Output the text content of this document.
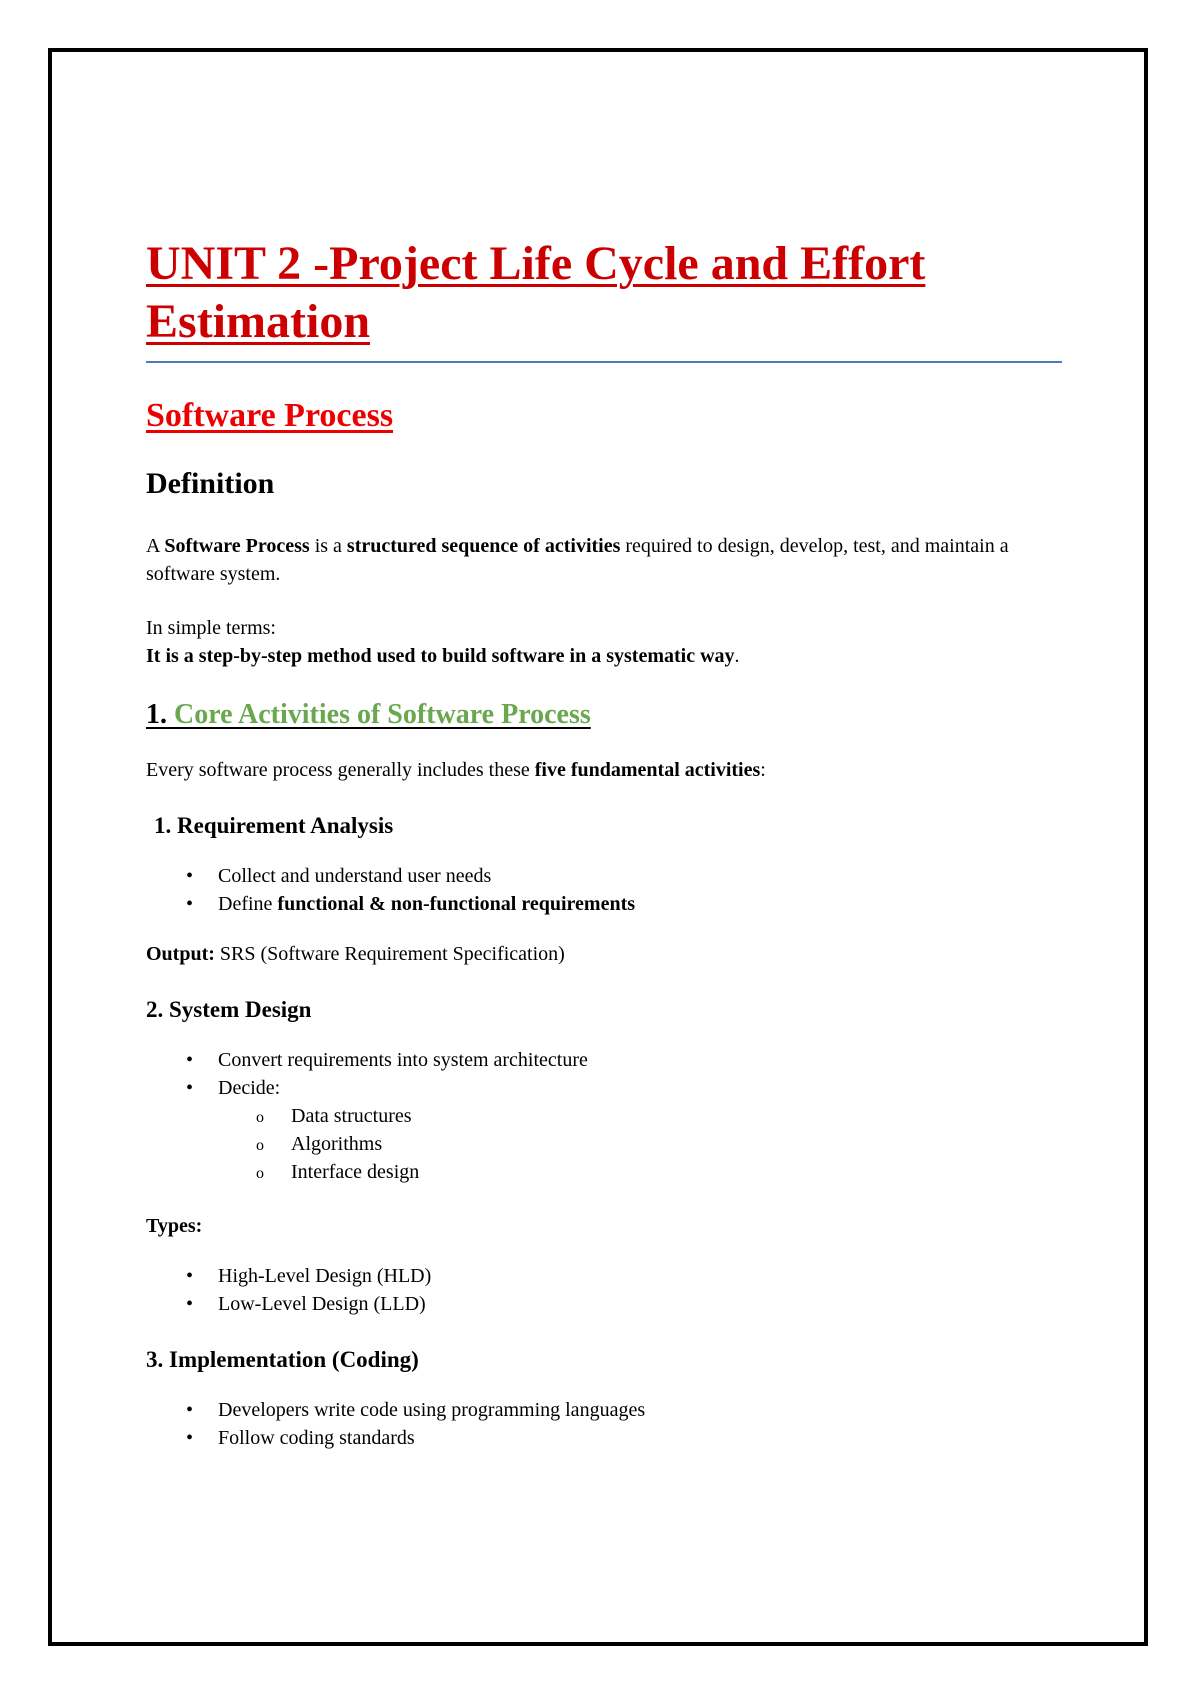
UNIT 2 -Project Life Cycle and Effort Estimation
Software Process
Definition

A Software Process is a structured sequence of activities required to design, develop, test, and maintain a software system.

In simple terms:

It is a step-by-step method used to build software in a systematic way.

1. Core Activities of Software Process

Every software process generally includes these five fundamental activities:

1. Requirement Analysis
• Collect and understand user needs
• Define functional & non-functional requirements

Output: SRS (Software Requirement Specification)

2. System Design
• Convert requirements into system architecture
• Decide:
o Data structures
o Algorithms
o Interface design

Types:

• High-Level Design (HLD)
• Low-Level Design (LLD)
3. Implementation (Coding)
• Developers write code using programming languages
• Follow coding standards
